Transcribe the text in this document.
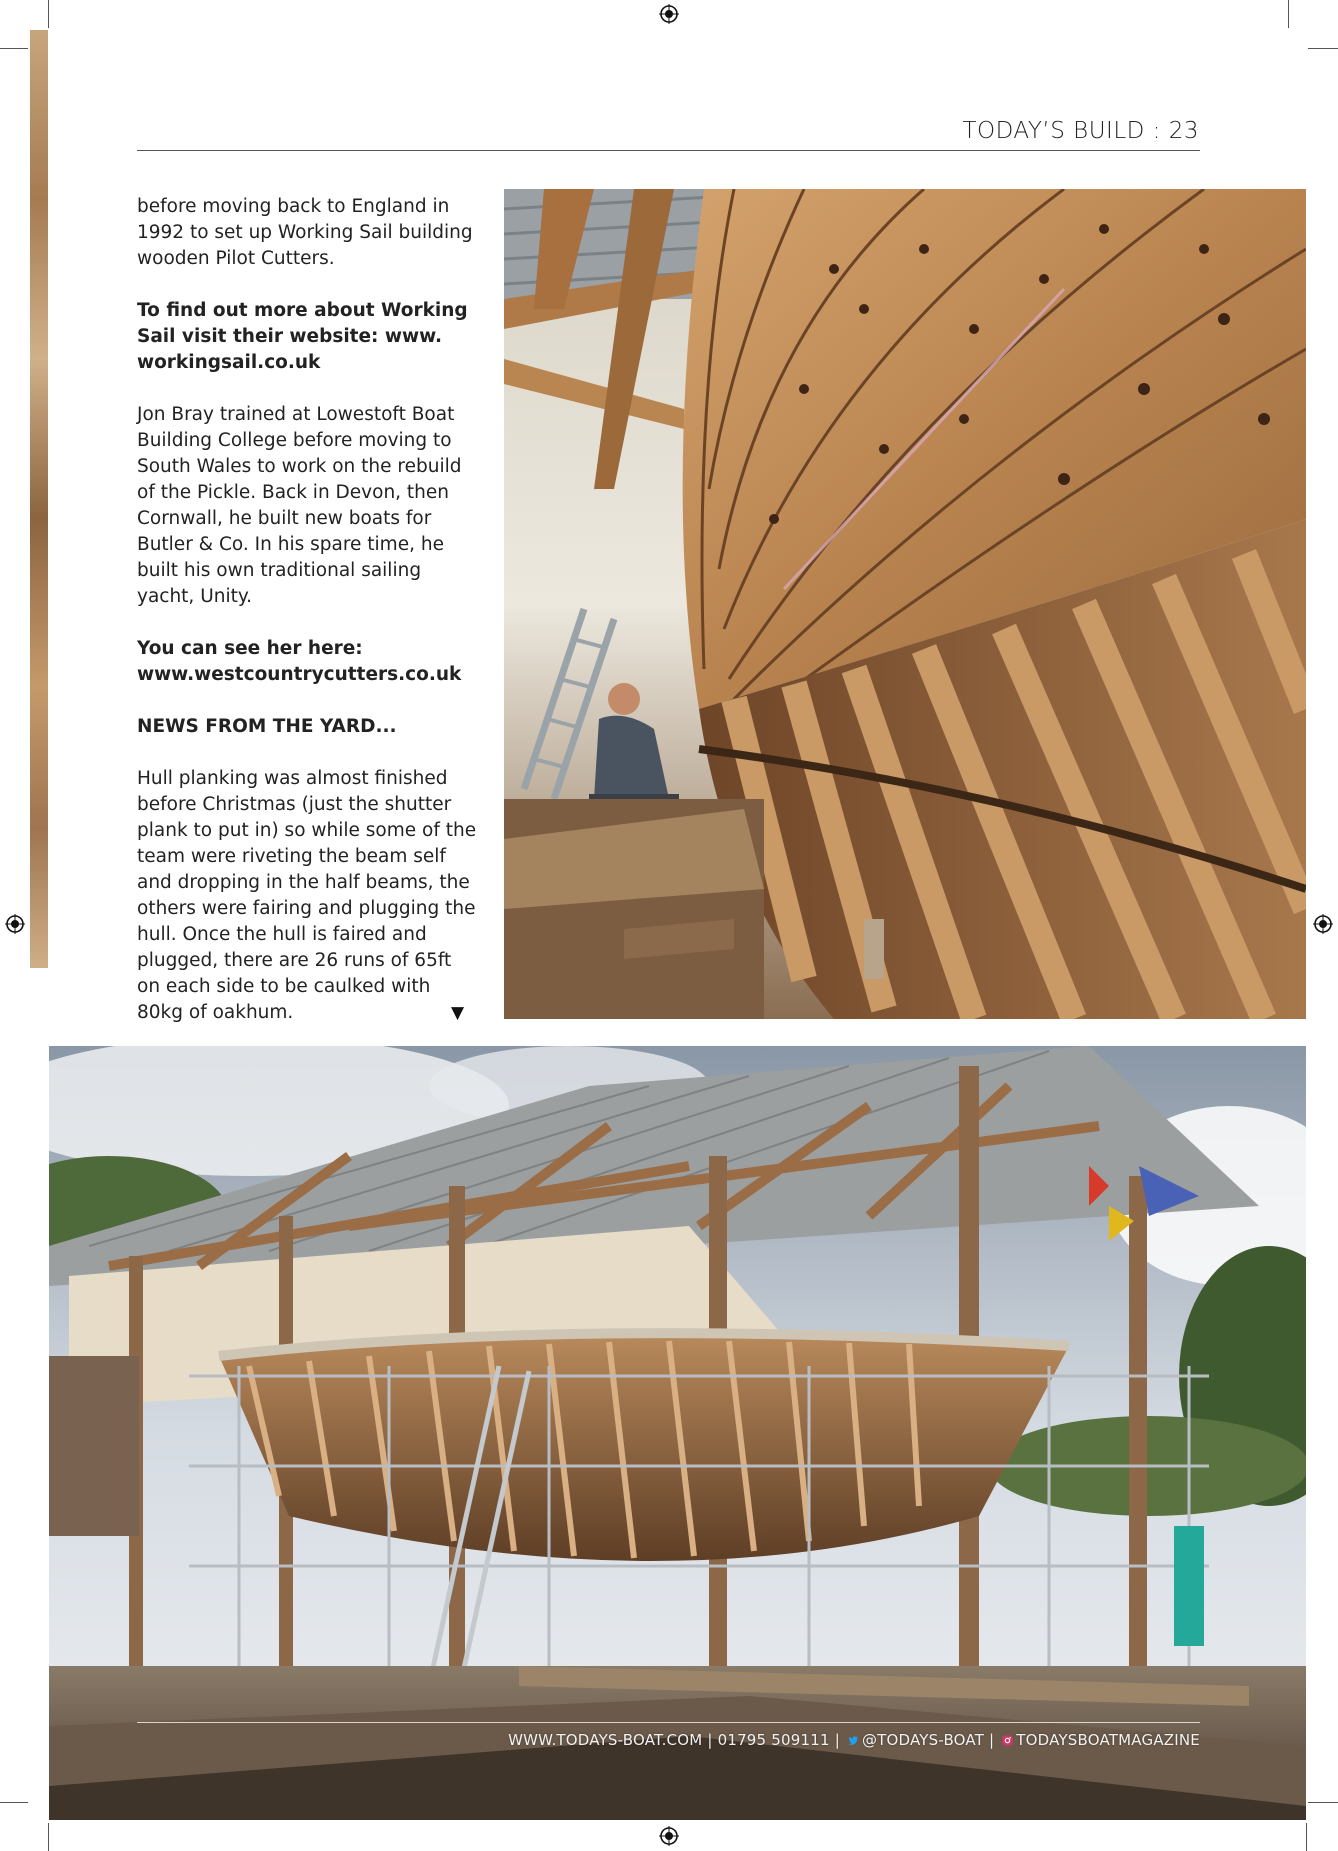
TODAY’S BUILD : 23

before moving back to England in 1992 to set up Working Sail building wooden Pilot Cutters.

To find out more about Working Sail visit their website: www. workingsail.co.uk

Jon Bray trained at Lowestoft Boat Building College before moving to South Wales to work on the rebuild of the Pickle. Back in Devon, then Cornwall, he built new boats for Butler & Co. In his spare time, he built his own traditional sailing yacht, Unity.

You can see her here: www.westcountrycutters.co.uk

NEWS FROM THE YARD...

Hull planking was almost finished before Christmas (just the shutter plank to put in) so while some of the team were riveting the beam self and dropping in the half beams, the others were fairing and plugging the hull. Once the hull is faired and plugged, there are 26 runs of 65ft on each side to be caulked with 80kg of oakhum.	▼
WWW.TODAYS-BOAT.COM | 01795 509111 | @TODAYS-BOAT | TODAYSBOATMAGAZINE
